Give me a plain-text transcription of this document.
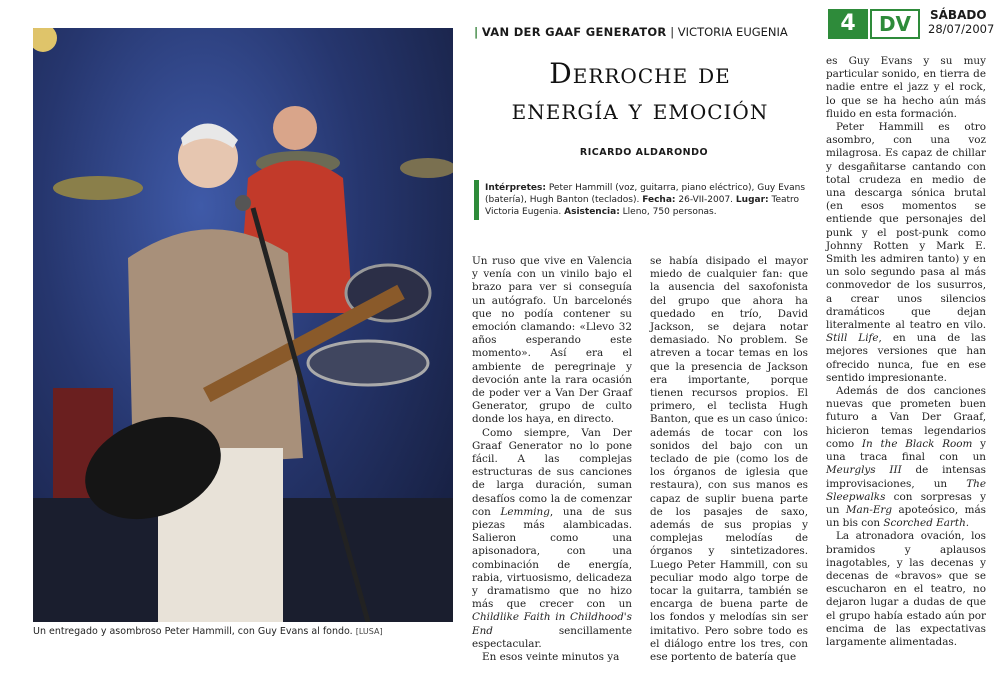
4	DV	SÁBADO
28/07/2007
Un entregado y asombroso Peter Hammill, con Guy Evans al fondo. [LUSA]
| VAN DER GAAF GENERATOR | VICTORIA EUGENIA
Derroche de
energía y emoción
RICARDO ALDARONDO
Intérpretes: Peter Hammill (voz, guitarra, piano eléctrico), Guy Evans (batería), Hugh Banton (teclados). Fecha: 26-VII-2007. Lugar: Teatro Victoria Eugenia. Asistencia: Lleno, 750 personas.

Un ruso que vive en Valencia y venía con un vinilo bajo el brazo para ver si conseguía un autógrafo. Un barcelonés que no podía contener su emoción clamando: «Llevo 32 años esperando este momento». Así era el ambiente de peregrinaje y devoción ante la rara ocasión de poder ver a Van Der Graaf Generator, grupo de culto donde los haya, en directo.

Como siempre, Van Der Graaf Generator no lo pone fácil. A las complejas estructuras de sus canciones de larga duración, suman desafíos como la de comenzar con Lemming, una de sus piezas más alambicadas. Salieron como una apisonadora, con una combinación de energía, rabia, virtuosismo, delicadeza y dramatismo que no hizo más que crecer con un Childlike Faith in Childhood's End sencillamente espectacular.

En esos veinte minutos ya

se había disipado el mayor miedo de cualquier fan: que la ausencia del saxofonista del grupo que ahora ha quedado en trío, David Jackson, se dejara notar demasiado. No problem. Se atreven a tocar temas en los que la presencia de Jackson era importante, porque tienen recursos propios. El primero, el teclista Hugh Banton, que es un caso único: además de tocar con los sonidos del bajo con un teclado de pie (como los de los órganos de iglesia que restaura), con sus manos es capaz de suplir buena parte de los pasajes de saxo, además de sus propias y complejas melodías de órganos y sintetizadores. Luego Peter Hammill, con su peculiar modo algo torpe de tocar la guitarra, también se encarga de buena parte de los fondos y melodías sin ser imitativo. Pero sobre todo es el diálogo entre los tres, con ese portento de batería que

es Guy Evans y su muy particular sonido, en tierra de nadie entre el jazz y el rock, lo que se ha hecho aún más fluido en esta formación.

Peter Hammill es otro asombro, con una voz milagrosa. Es capaz de chillar y desgañitarse cantando con total crudeza en medio de una descarga sónica brutal (en esos momentos se entiende que personajes del punk y el post-punk como Johnny Rotten y Mark E. Smith les admiren tanto) y en un solo segundo pasa al más conmovedor de los susurros, a crear unos silencios dramáticos que dejan literalmente al teatro en vilo. Still Life, en una de las mejores versiones que han ofrecido nunca, fue en ese sentido impresionante.

Además de dos canciones nuevas que prometen buen futuro a Van Der Graaf, hicieron temas legendarios como In the Black Room y una traca final con un Meurglys III de intensas improvisaciones, un The Sleepwalks con sorpresas y un Man-Erg apoteósico, más un bis con Scorched Earth.

La atronadora ovación, los bramidos y aplausos inagotables, y las decenas y decenas de «bravos» que se escucharon en el teatro, no dejaron lugar a dudas de que el grupo había estado aún por encima de las expectativas largamente alimentadas.
